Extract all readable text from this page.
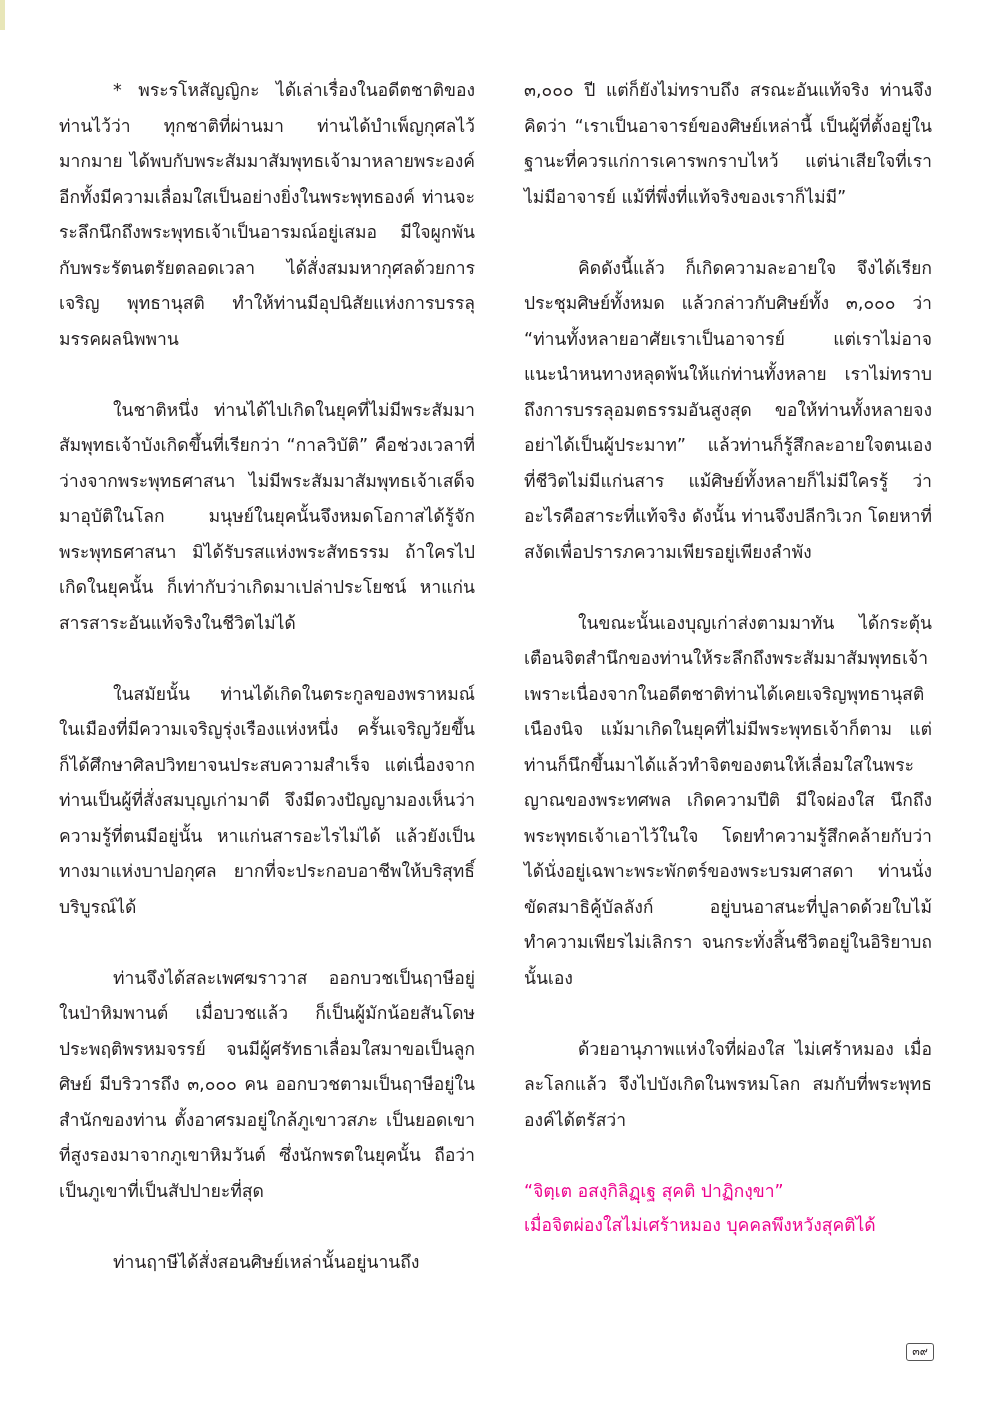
* พระรโหสัญญิกะ ได้เล่าเรื่องในอดีตชาติของท่านไว้ว่า ทุกชาติที่ผ่านมา ท่านได้บำเพ็ญกุศลไว้มากมาย ได้พบกับพระสัมมาสัมพุทธเจ้ามาหลายพระองค์ อีกทั้งมีความเลื่อมใสเป็นอย่างยิ่งในพระพุทธองค์ ท่านจะระลึกนึกถึงพระพุทธเจ้าเป็นอารมณ์อยู่เสมอ มีใจผูกพันกับพระรัตนตรัยตลอดเวลา ได้สั่งสมมหากุศลด้วยการเจริญ พุทธานุสติ ทำให้ท่านมีอุปนิสัยแห่งการบรรลุมรรคผลนิพพาน

ในชาติหนึ่ง ท่านได้ไปเกิดในยุคที่ไม่มีพระสัมมาสัมพุทธเจ้าบังเกิดขึ้นที่เรียกว่า “กาลวิบัติ” คือช่วงเวลาที่ว่างจากพระพุทธศาสนา ไม่มีพระสัมมาสัมพุทธเจ้าเสด็จมาอุบัติในโลก มนุษย์ในยุคนั้นจึงหมดโอกาสได้รู้จักพระพุทธศาสนา มิได้รับรสแห่งพระสัทธรรม ถ้าใครไปเกิดในยุคนั้น ก็เท่ากับว่าเกิดมาเปล่าประโยชน์ หาแก่นสารสาระอันแท้จริงในชีวิตไม่ได้

ในสมัยนั้น ท่านได้เกิดในตระกูลของพราหมณ์ ในเมืองที่มีความเจริญรุ่งเรืองแห่งหนึ่ง ครั้นเจริญวัยขึ้นก็ได้ศึกษาศิลปวิทยาจนประสบความสำเร็จ แต่เนื่องจากท่านเป็นผู้ที่สั่งสมบุญเก่ามาดี จึงมีดวงปัญญามองเห็นว่าความรู้ที่ตนมีอยู่นั้น หาแก่นสารอะไรไม่ได้ แล้วยังเป็นทางมาแห่งบาปอกุศล ยากที่จะประกอบอาชีพให้บริสุทธิ์บริบูรณ์ได้

ท่านจึงได้สละเพศฆราวาส ออกบวชเป็นฤาษีอยู่ในป่าหิมพานต์ เมื่อบวชแล้ว ก็เป็นผู้มักน้อยสันโดษ ประพฤติพรหมจรรย์ จนมีผู้ศรัทธาเลื่อมใสมาขอเป็นลูกศิษย์ มีบริวารถึง ๓,๐๐๐ คน ออกบวชตามเป็นฤาษีอยู่ในสำนักของท่าน ตั้งอาศรมอยู่ใกล้ภูเขาวสภะ เป็นยอดเขาที่สูงรองมาจากภูเขาหิมวันต์ ซึ่งนักพรตในยุคนั้น ถือว่าเป็นภูเขาที่เป็นสัปปายะที่สุด

ท่านฤาษีได้สั่งสอนศิษย์เหล่านั้นอยู่นานถึง

๓,๐๐๐ ปี แต่ก็ยังไม่ทราบถึง สรณะอันแท้จริง ท่านจึงคิดว่า “เราเป็นอาจารย์ของศิษย์เหล่านี้ เป็นผู้ที่ตั้งอยู่ในฐานะที่ควรแก่การเคารพกราบไหว้ แต่น่าเสียใจที่เราไม่มีอาจารย์ แม้ที่พึ่งที่แท้จริงของเราก็ไม่มี”

คิดดังนี้แล้ว ก็เกิดความละอายใจ จึงได้เรียกประชุมศิษย์ทั้งหมด แล้วกล่าวกับศิษย์ทั้ง ๓,๐๐๐ ว่า “ท่านทั้งหลายอาศัยเราเป็นอาจารย์ แต่เราไม่อาจแนะนำหนทางหลุดพ้นให้แก่ท่านทั้งหลาย เราไม่ทราบถึงการบรรลุอมตธรรมอันสูงสุด ขอให้ท่านทั้งหลายจงอย่าได้เป็นผู้ประมาท” แล้วท่านก็รู้สึกละอายใจตนเอง ที่ชีวิตไม่มีแก่นสาร แม้ศิษย์ทั้งหลายก็ไม่มีใครรู้ ว่าอะไรคือสาระที่แท้จริง ดังนั้น ท่านจึงปลีกวิเวก โดยหาที่สงัดเพื่อปรารภความเพียรอยู่เพียงลำพัง

ในขณะนั้นเองบุญเก่าส่งตามมาทัน ได้กระตุ้นเตือนจิตสำนึกของท่านให้ระลึกถึงพระสัมมาสัมพุทธเจ้า เพราะเนื่องจากในอดีตชาติท่านได้เคยเจริญพุทธานุสติเนืองนิจ แม้มาเกิดในยุคที่ไม่มีพระพุทธเจ้าก็ตาม แต่ท่านก็นึกขึ้นมาได้แล้วทำจิตของตนให้เลื่อมใสในพระญาณของพระทศพล เกิดความปีติ มีใจผ่องใส นึกถึงพระพุทธเจ้าเอาไว้ในใจ โดยทำความรู้สึกคล้ายกับว่า ได้นั่งอยู่เฉพาะพระพักตร์ของพระบรมศาสดา ท่านนั่งขัดสมาธิคู้บัลลังก์ อยู่บนอาสนะที่ปูลาดด้วยใบไม้ทำความเพียรไม่เลิกรา จนกระทั่งสิ้นชีวิตอยู่ในอิริยาบถนั้นเอง

ด้วยอานุภาพแห่งใจที่ผ่องใส ไม่เศร้าหมอง เมื่อละโลกแล้ว จึงไปบังเกิดในพรหมโลก สมกับที่พระพุทธองค์ได้ตรัสว่า

“จิตฺเต อสงฺกิลิฏฺเฐ สุคติ ปาฏิกงฺขา”

เมื่อจิตผ่องใสไม่เศร้าหมอง บุคคลพึงหวังสุคติได้

๓๙
